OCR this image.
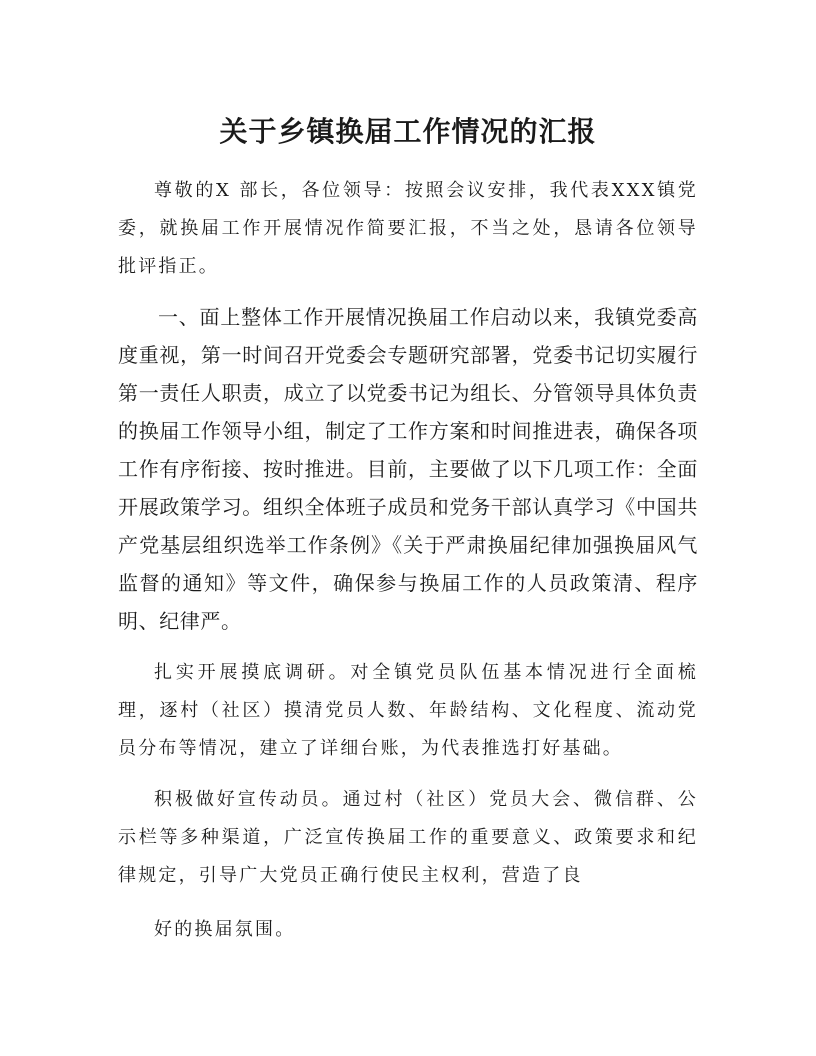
关于乡镇换届工作情况的汇报

尊敬的X 部长，各位领导：按照会议安排，我代表XXX镇党委，就换届工作开展情况作简要汇报，不当之处，恳请各位领导批评指正。

一、面上整体工作开展情况换届工作启动以来，我镇党委高度重视，第一时间召开党委会专题研究部署，党委书记切实履行第一责任人职责，成立了以党委书记为组长、分管领导具体负责的换届工作领导小组，制定了工作方案和时间推进表，确保各项工作有序衔接、按时推进。目前，主要做了以下几项工作：全面开展政策学习。组织全体班子成员和党务干部认真学习《中国共产党基层组织选举工作条例》《关于严肃换届纪律加强换届风气监督的通知》等文件，确保参与换届工作的人员政策清、程序明、纪律严。

扎实开展摸底调研。对全镇党员队伍基本情况进行全面梳理，逐村（社区）摸清党员人数、年龄结构、文化程度、流动党员分布等情况，建立了详细台账，为代表推选打好基础。

积极做好宣传动员。通过村（社区）党员大会、微信群、公示栏等多种渠道，广泛宣传换届工作的重要意义、政策要求和纪律规定，引导广大党员正确行使民主权利，营造了良

好的换届氛围。
